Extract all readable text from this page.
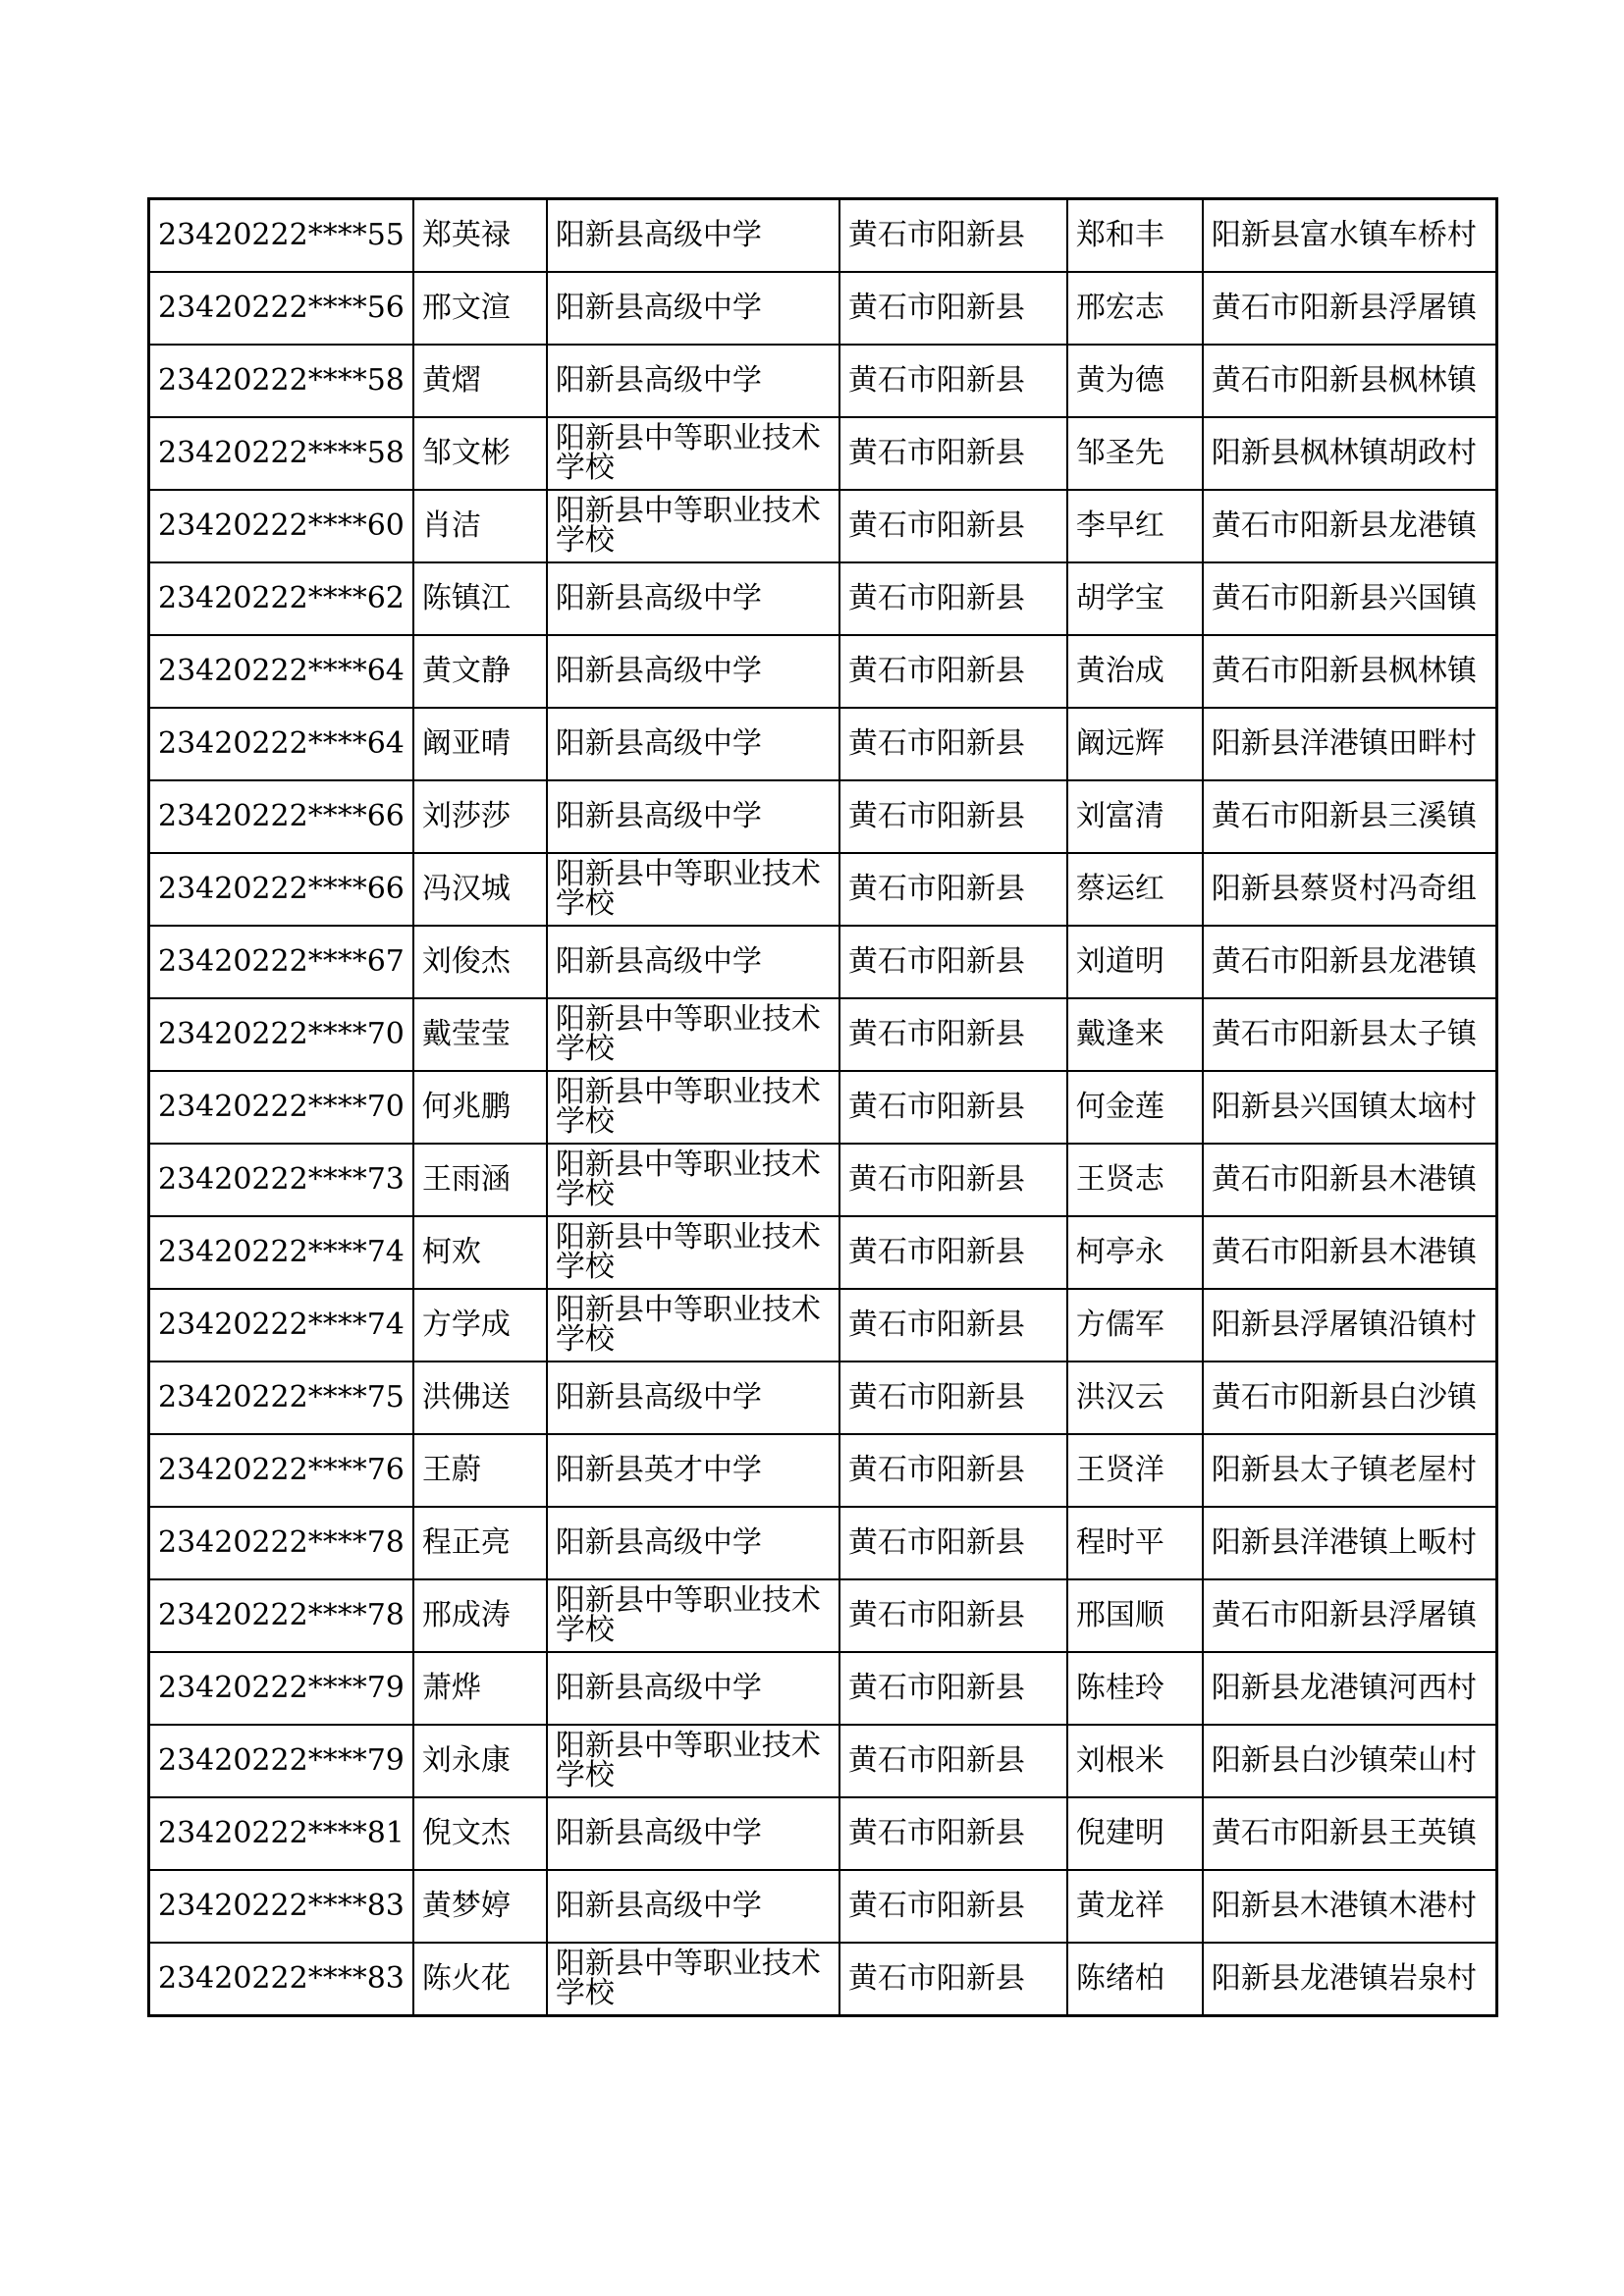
23420222****55	郑英禄	阳新县高级中学	黄石市阳新县	郑和丰	阳新县富水镇车桥村
23420222****56	邢文渲	阳新县高级中学	黄石市阳新县	邢宏志	黄石市阳新县浮屠镇
23420222****58	黄熠	阳新县高级中学	黄石市阳新县	黄为德	黄石市阳新县枫林镇
23420222****58	邹文彬	阳新县中等职业技术学校	黄石市阳新县	邹圣先	阳新县枫林镇胡政村
23420222****60	肖洁	阳新县中等职业技术学校	黄石市阳新县	李早红	黄石市阳新县龙港镇
23420222****62	陈镇江	阳新县高级中学	黄石市阳新县	胡学宝	黄石市阳新县兴国镇
23420222****64	黄文静	阳新县高级中学	黄石市阳新县	黄治成	黄石市阳新县枫林镇
23420222****64	阚亚晴	阳新县高级中学	黄石市阳新县	阚远辉	阳新县洋港镇田畔村
23420222****66	刘莎莎	阳新县高级中学	黄石市阳新县	刘富清	黄石市阳新县三溪镇
23420222****66	冯汉城	阳新县中等职业技术学校	黄石市阳新县	蔡运红	阳新县蔡贤村冯奇组
23420222****67	刘俊杰	阳新县高级中学	黄石市阳新县	刘道明	黄石市阳新县龙港镇
23420222****70	戴莹莹	阳新县中等职业技术学校	黄石市阳新县	戴逢来	黄石市阳新县太子镇
23420222****70	何兆鹏	阳新县中等职业技术学校	黄石市阳新县	何金莲	阳新县兴国镇太垴村
23420222****73	王雨涵	阳新县中等职业技术学校	黄石市阳新县	王贤志	黄石市阳新县木港镇
23420222****74	柯欢	阳新县中等职业技术学校	黄石市阳新县	柯亭永	黄石市阳新县木港镇
23420222****74	方学成	阳新县中等职业技术学校	黄石市阳新县	方儒军	阳新县浮屠镇沿镇村
23420222****75	洪佛送	阳新县高级中学	黄石市阳新县	洪汉云	黄石市阳新县白沙镇
23420222****76	王蔚	阳新县英才中学	黄石市阳新县	王贤洋	阳新县太子镇老屋村
23420222****78	程正亮	阳新县高级中学	黄石市阳新县	程时平	阳新县洋港镇上畈村
23420222****78	邢成涛	阳新县中等职业技术学校	黄石市阳新县	邢国顺	黄石市阳新县浮屠镇
23420222****79	萧烨	阳新县高级中学	黄石市阳新县	陈桂玲	阳新县龙港镇河西村
23420222****79	刘永康	阳新县中等职业技术学校	黄石市阳新县	刘根米	阳新县白沙镇荣山村
23420222****81	倪文杰	阳新县高级中学	黄石市阳新县	倪建明	黄石市阳新县王英镇
23420222****83	黄梦婷	阳新县高级中学	黄石市阳新县	黄龙祥	阳新县木港镇木港村
23420222****83	陈火花	阳新县中等职业技术学校	黄石市阳新县	陈绪柏	阳新县龙港镇岩泉村
